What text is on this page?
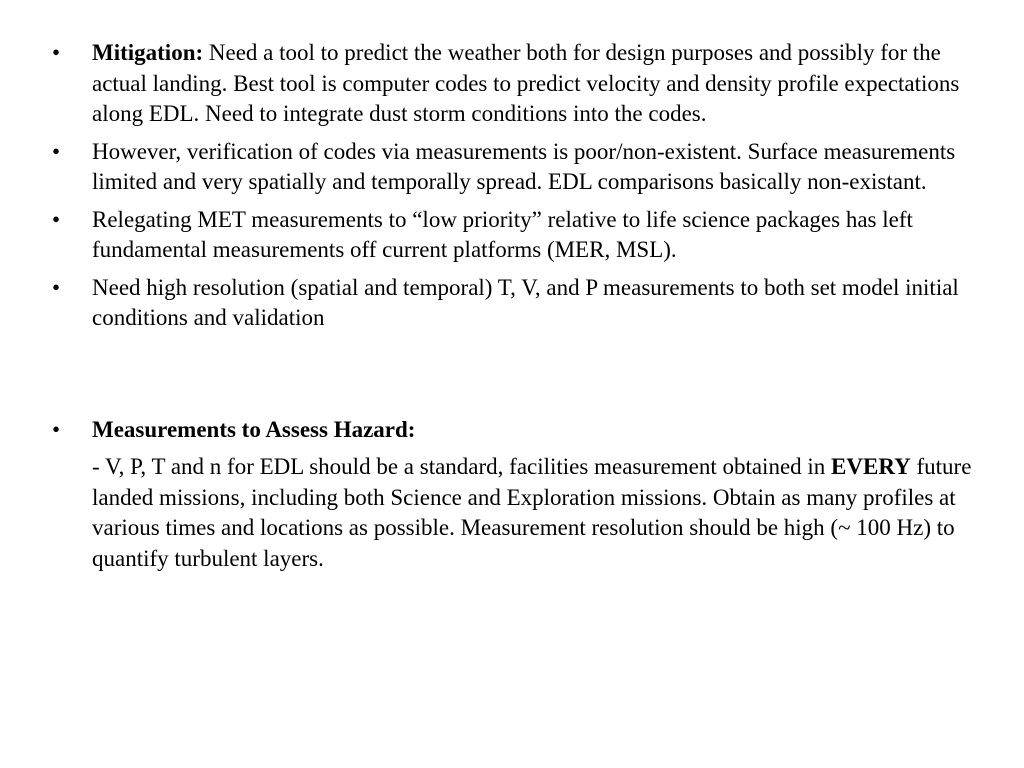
• Mitigation: Need a tool to predict the weather both for design purposes and possibly for the actual landing. Best tool is computer codes to predict velocity and density profile expectations along EDL. Need to integrate dust storm conditions into the codes.
• However, verification of codes via measurements is poor/non-existent. Surface measurements limited and very spatially and temporally spread. EDL comparisons basically non-existant.
• Relegating MET measurements to “low priority” relative to life science packages has left fundamental measurements off current platforms (MER, MSL).
• Need high resolution (spatial and temporal) T, V, and P measurements to both set model initial conditions and validation
• Measurements to Assess Hazard:
- V, P, T and n for EDL should be a standard, facilities measurement obtained in EVERY future landed missions, including both Science and Exploration missions. Obtain as many profiles at various times and locations as possible. Measurement resolution should be high (~ 100 Hz) to quantify turbulent layers.
